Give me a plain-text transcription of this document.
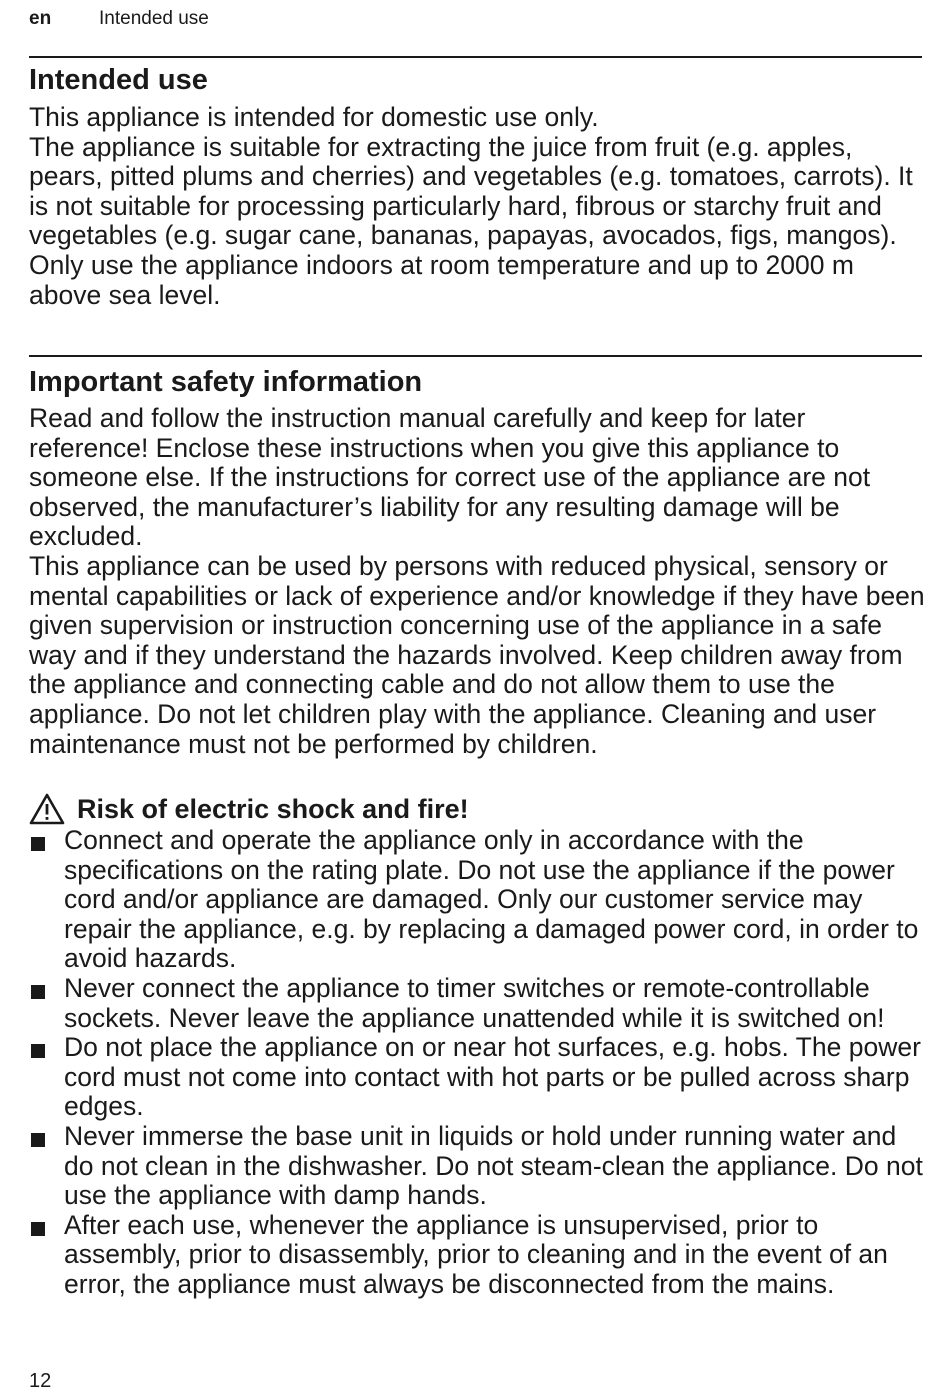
en	Intended use
Intended use

This appliance is intended for domestic use only.

The appliance is suitable for extracting the juice from fruit (e.g. apples, pears, pitted plums and cherries) and vegetables (e.g. tomatoes, carrots). It is not suitable for processing particularly hard, fibrous or starchy fruit and vegetables (e.g. sugar cane, bananas, papayas, avocados, figs, mangos).

Only use the appliance indoors at room temperature and up to 2000 m above sea level.

Important safety information

Read and follow the instruction manual carefully and keep for later reference! Enclose these instructions when you give this appliance to someone else. If the instructions for correct use of the appliance are not observed, the manufacturer’s liability for any resulting damage will be excluded.

This appliance can be used by persons with reduced physical, sensory or mental capabilities or lack of experience and/or knowledge if they have been given supervision or instruction concerning use of the appliance in a safe way and if they understand the hazards involved. Keep children away from the appliance and connecting cable and do not allow them to use the appliance. Do not let children play with the appliance. Cleaning and user maintenance must not be performed by children.

Risk of electric shock and fire!
Connect and operate the appliance only in accordance with the specifications on the rating plate. Do not use the appliance if the power cord and/or appliance are damaged. Only our customer service may repair the appliance, e.g. by replacing a damaged power cord, in order to avoid hazards.
Never connect the appliance to timer switches or remote-controllable sockets. Never leave the appliance unattended while it is switched on!
Do not place the appliance on or near hot surfaces, e.g. hobs. The power cord must not come into contact with hot parts or be pulled across sharp edges.
Never immerse the base unit in liquids or hold under running water and do not clean in the dishwasher. Do not steam-clean the appliance. Do not use the appliance with damp hands.
After each use, whenever the appliance is unsupervised, prior to assembly, prior to disassembly, prior to cleaning and in the event of an error, the appliance must always be disconnected from the mains.
12
